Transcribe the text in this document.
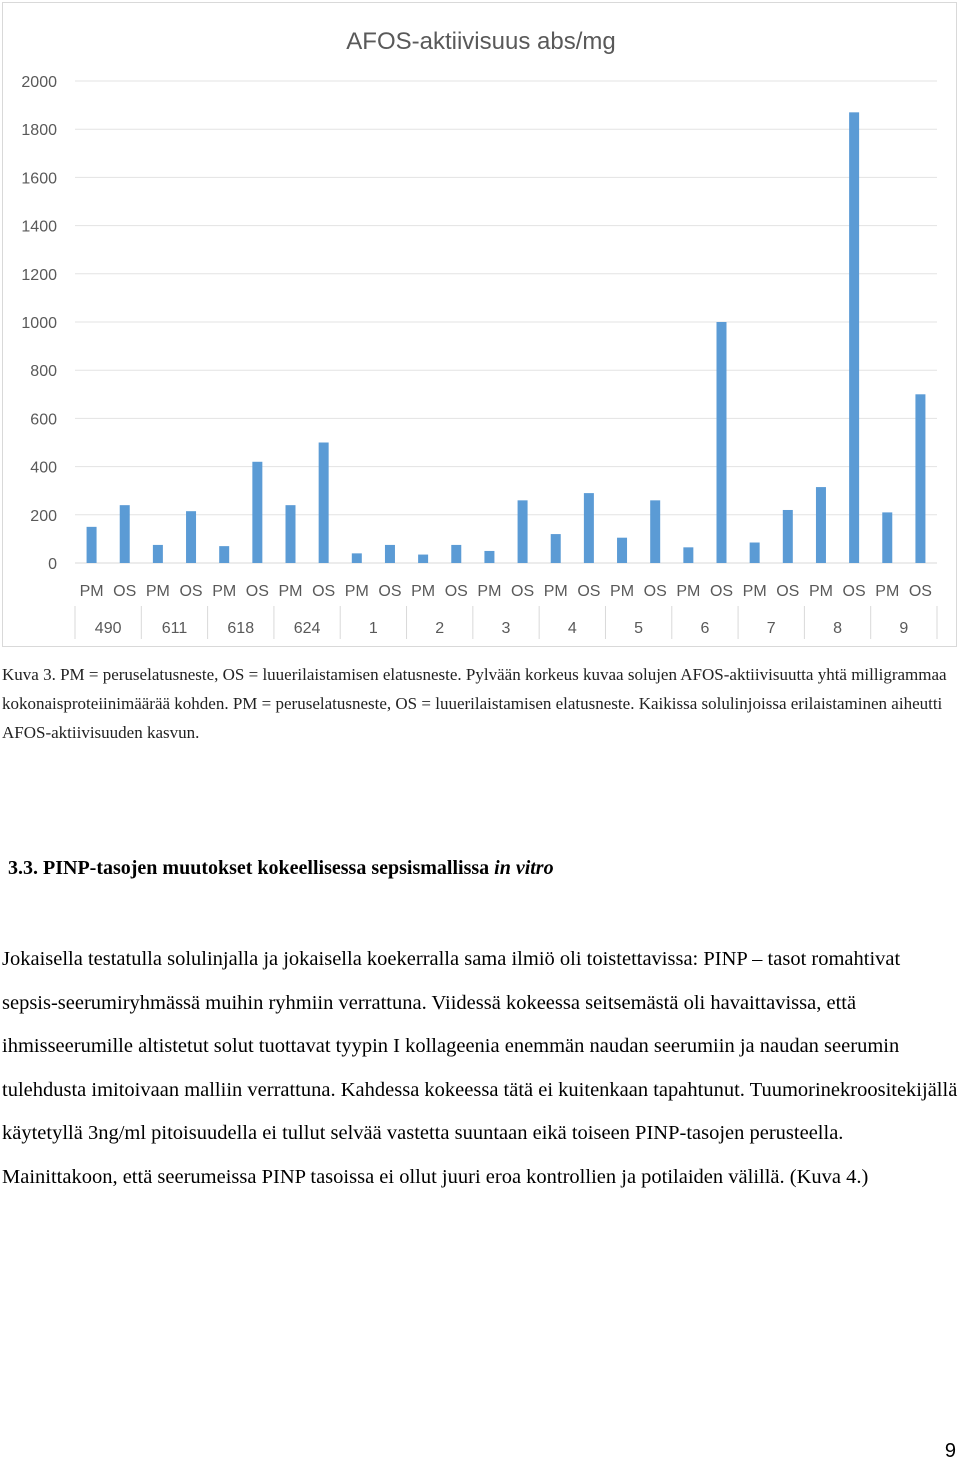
AFOS-aktiivisuus abs/mg
0
200
400
600
800
1000
1200
1400
1600
1800
2000
PM OS PM OS PM OS PM OS PM OS PM OS PM OS PM OS PM OS PM OS PM OS PM OS PM OS
490	611	618 624	1	2	3	4	5	6	7	8	9
Kuva 3. PM = peruselatusneste, OS = luuerilaistamisen elatusneste. Pylvään korkeus kuvaa solujen AFOS-aktiivisuutta yhtä milligrammaa kokonaisproteiinimäärää kohden. PM = peruselatusneste, OS = luuerilaistamisen elatusneste. Kaikissa solulinjoissa erilaistaminen aiheutti AFOS-aktiivisuuden kasvun.
3.3. PINP-tasojen muutokset kokeellisessa sepsismallissa in vitro
Jokaisella testatulla solulinjalla ja jokaisella koekerralla sama ilmiö oli toistettavissa: PINP – tasot romahtivat sepsis-seerumiryhmässä muihin ryhmiin verrattuna. Viidessä kokeessa seitsemästä oli havaittavissa, että ihmisseerumille altistetut solut tuottavat tyypin I kollageenia enemmän naudan seerumiin ja naudan seerumin tulehdusta imitoivaan malliin verrattuna. Kahdessa kokeessa tätä ei kuitenkaan tapahtunut. Tuumorinekroositekijällä käytetyllä 3ng/ml pitoisuudella ei tullut selvää vastetta suuntaan eikä toiseen PINP-tasojen perusteella. Mainittakoon, että seerumeissa PINP tasoissa ei ollut juuri eroa kontrollien ja potilaiden välillä. (Kuva 4.)
9
